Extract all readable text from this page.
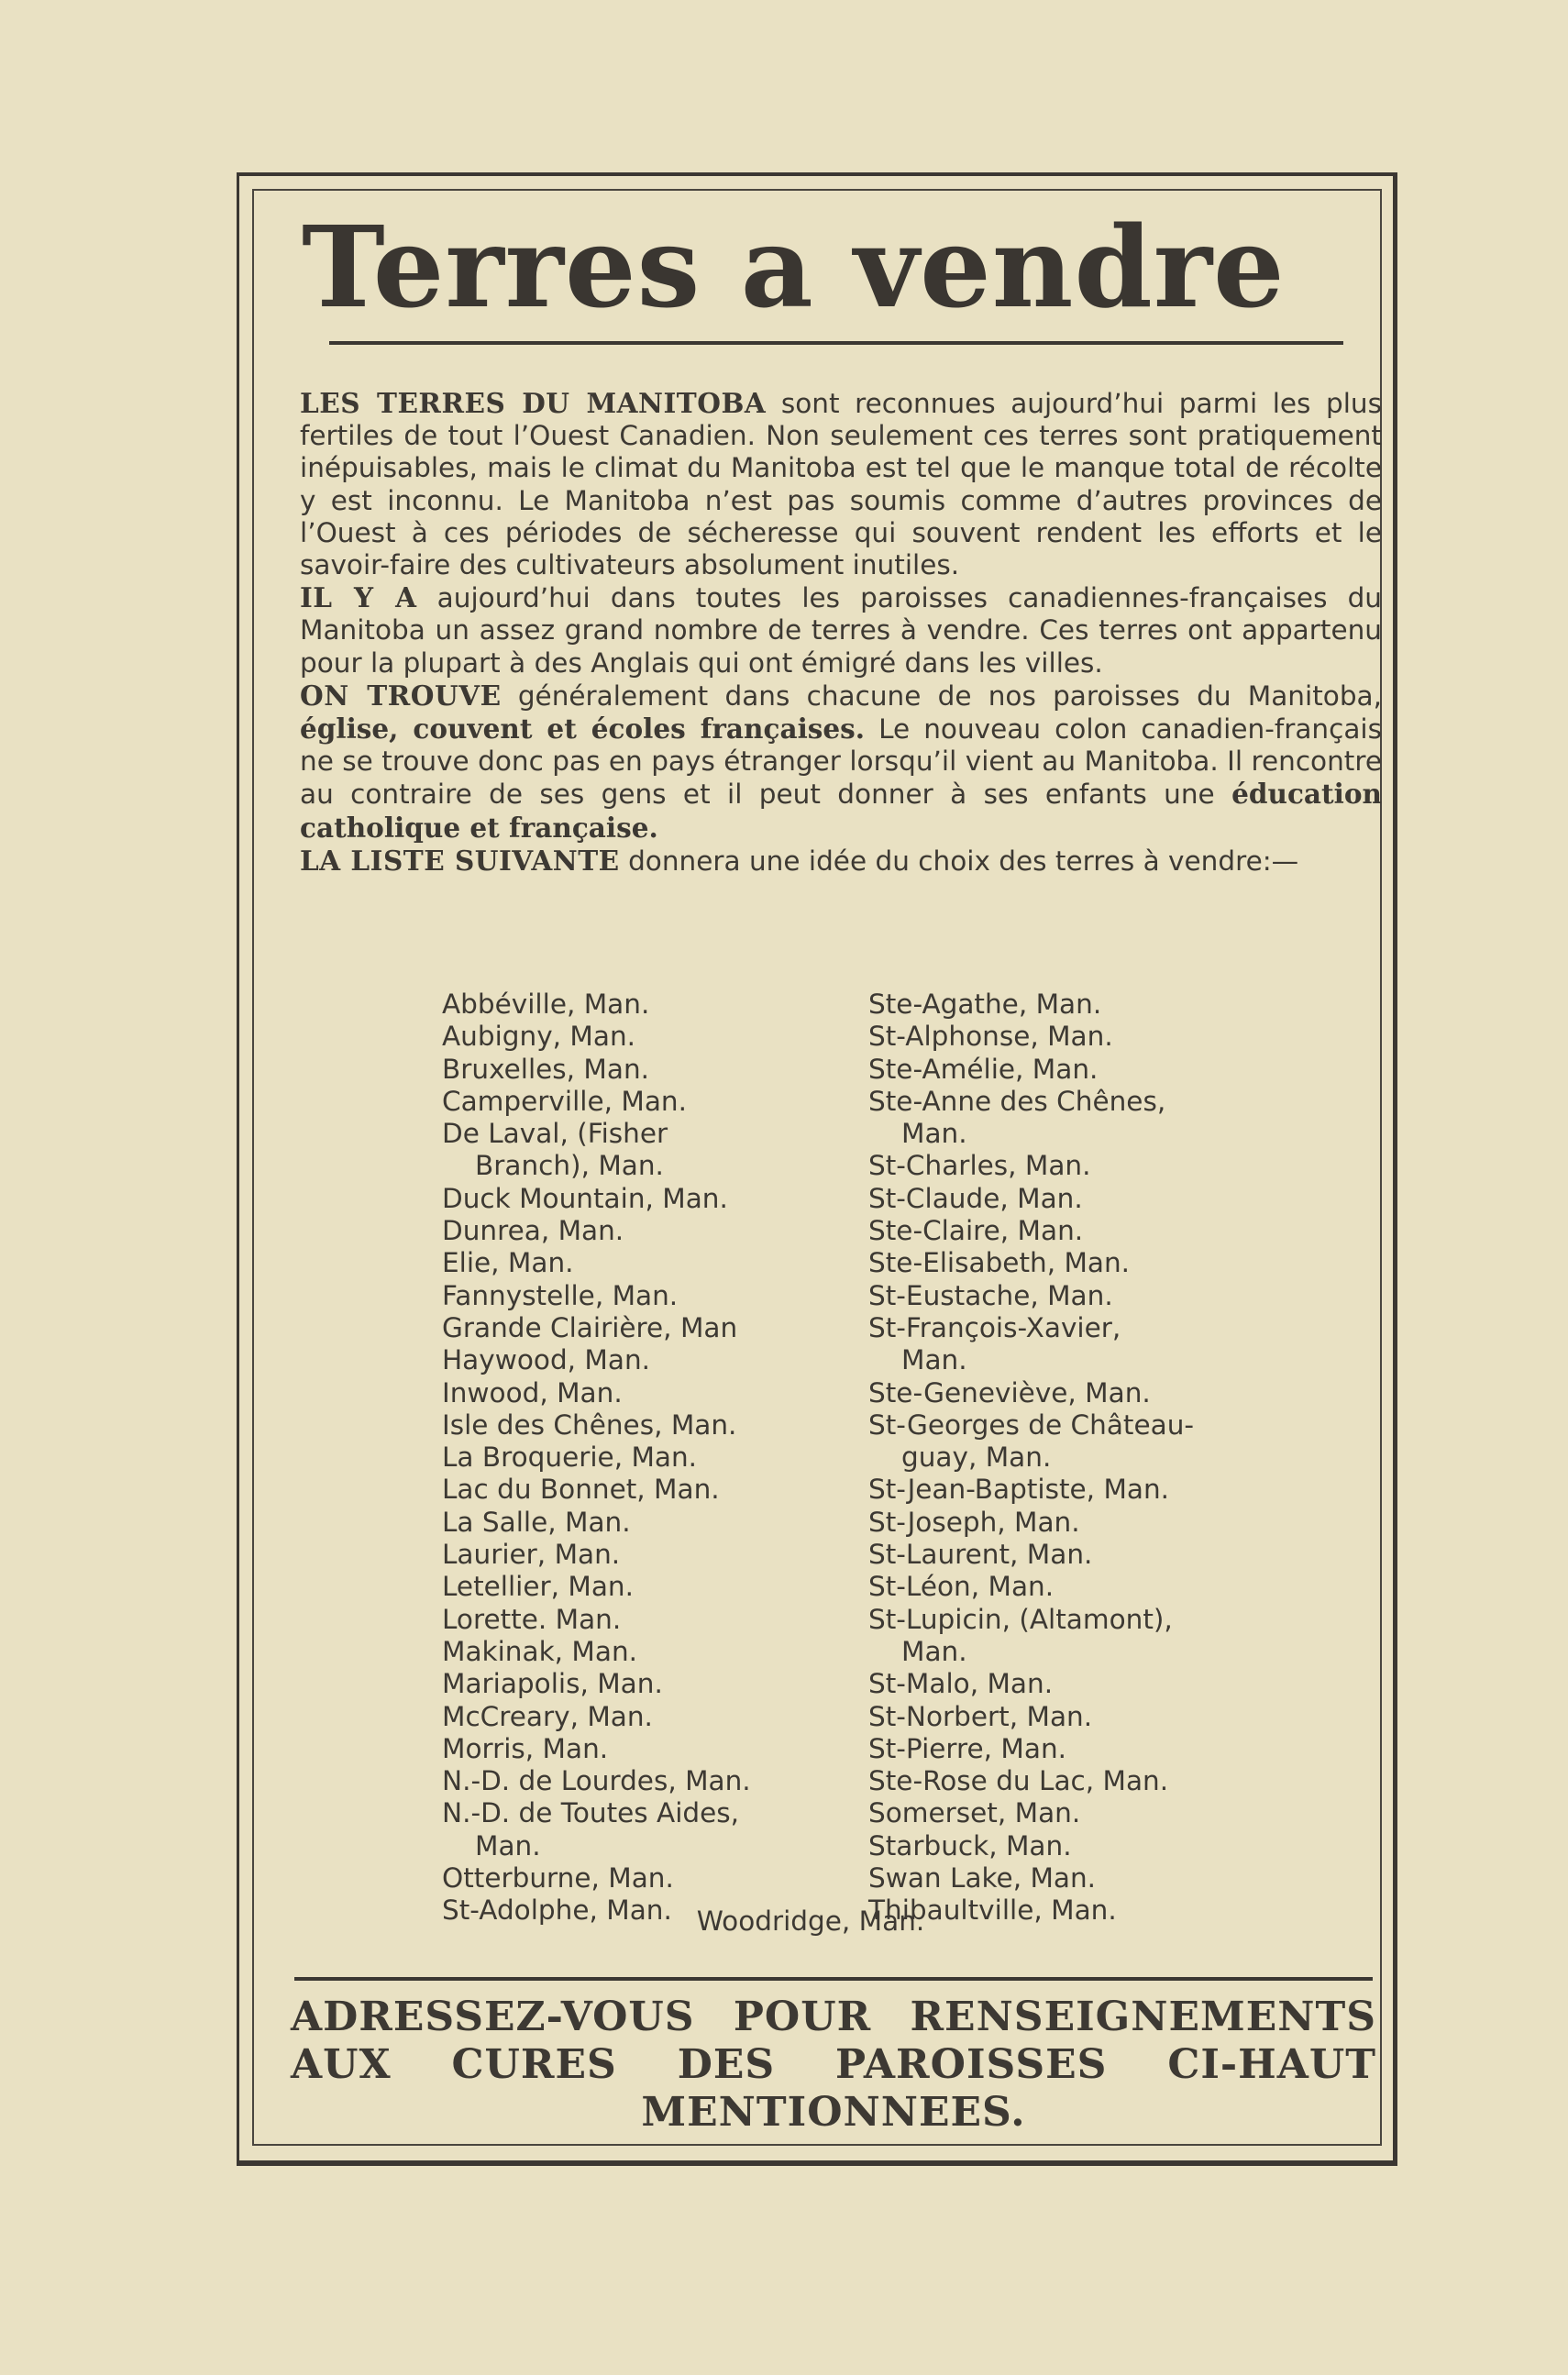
Terres a vendre

LES TERRES DU MANITOBA sont reconnues aujourd’hui parmi les plus fertiles de tout l’Ouest Canadien. Non seulement ces terres sont pratiquement inépuisables, mais le climat du Manitoba est tel que le manque total de récolte y est inconnu. Le Manitoba n’est pas soumis comme d’autres provinces de l’Ouest à ces périodes de sécheresse qui souvent rendent les efforts et le savoir-faire des cultivateurs absolument inutiles.

IL Y A aujourd’hui dans toutes les paroisses canadiennes-françaises du Manitoba un assez grand nombre de terres à vendre. Ces terres ont appartenu pour la plupart à des Anglais qui ont émigré dans les villes.

ON TROUVE généralement dans chacune de nos paroisses du Manitoba, église, couvent et écoles françaises. Le nouveau colon canadien-français ne se trouve donc pas en pays étranger lorsqu’il vient au Manitoba. Il rencontre au contraire de ses gens et il peut donner à ses enfants une éducation catholique et française.

LA LISTE SUIVANTE donnera une idée du choix des terres à vendre:—

Abbéville, Man.
Aubigny, Man.
Bruxelles, Man.
Camperville, Man.
De Laval, (Fisher
Branch), Man.
Duck Mountain, Man.
Dunrea, Man.
Elie, Man.
Fannystelle, Man.
Grande Clairière, Man
Haywood, Man.
Inwood, Man.
Isle des Chênes, Man.
La Broquerie, Man.
Lac du Bonnet, Man.
La Salle, Man.
Laurier, Man.
Letellier, Man.
Lorette. Man.
Makinak, Man.
Mariapolis, Man.
McCreary, Man.
Morris, Man.
N.-D. de Lourdes, Man.
N.-D. de Toutes Aides,
Man.
Otterburne, Man.
St-Adolphe, Man.
Ste-Agathe, Man.
St-Alphonse, Man.
Ste-Amélie, Man.
Ste-Anne des Chênes,
Man.
St-Charles, Man.
St-Claude, Man.
Ste-Claire, Man.
Ste-Elisabeth, Man.
St-Eustache, Man.
St-François-Xavier,
Man.
Ste-Geneviève, Man.
St-Georges de Château-
guay, Man.
St-Jean-Baptiste, Man.
St-Joseph, Man.
St-Laurent, Man.
St-Léon, Man.
St-Lupicin, (Altamont),
Man.
St-Malo, Man.
St-Norbert, Man.
St-Pierre, Man.
Ste-Rose du Lac, Man.
Somerset, Man.
Starbuck, Man.
Swan Lake, Man.
Thibaultville, Man.
Woodridge, Man.
ADRESSEZ-VOUS POUR RENSEIGNEMENTS
AUX CURES DES PAROISSES CI-HAUT
MENTIONNEES.
